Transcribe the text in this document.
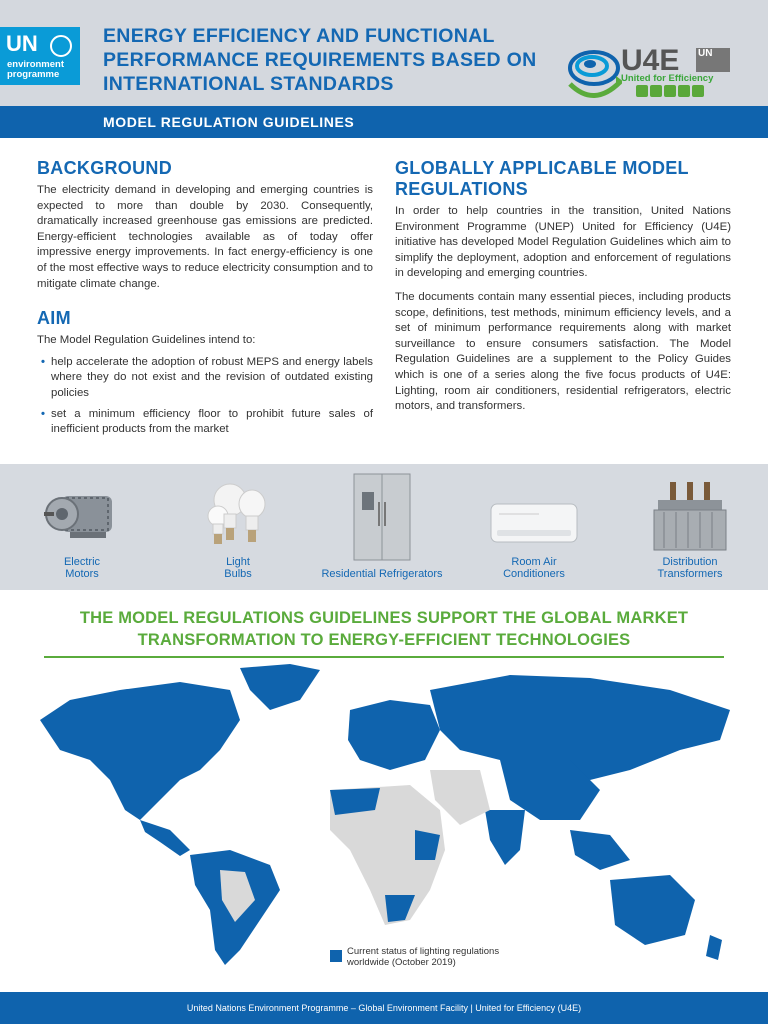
UN
environment
programme
ENERGY EFFICIENCY AND FUNCTIONAL PERFORMANCE REQUIREMENTS BASED ON INTERNATIONAL STANDARDS
U4E UN
United for Efficiency
MODEL REGULATION GUIDELINES
BACKGROUND
The electricity demand in developing and emerging countries is expected to more than double by 2030. Consequently, dramatically increased greenhouse gas emissions are predicted. Energy-efficient technologies available as of today offer impressive energy improvements. In fact energy-efficiency is one of the most effective ways to reduce electricity consumption and to mitigate climate change.
AIM
The Model Regulation Guidelines intend to:
• help accelerate the adoption of robust MEPS and energy labels where they do not exist and the revision of outdated existing policies
• set a minimum efficiency floor to prohibit future sales of inefficient products from the market
GLOBALLY APPLICABLE MODEL REGULATIONS
In order to help countries in the transition, United Nations Environment Programme (UNEP) United for Efficiency (U4E) initiative has developed Model Regulation Guidelines which aim to simplify the deployment, adoption and enforcement of regulations in developing and emerging countries.
The documents contain many essential pieces, including products scope, definitions, test methods, minimum efficiency levels, and a set of minimum performance requirements along with market surveillance to ensure consumers satisfaction. The Model Regulation Guidelines are a supplement to the Policy Guides which is one of a series along the five focus products of U4E: Lighting, room air conditioners, residential refrigerators, electric motors, and transformers.
Electric
Motors
Light
Bulbs	Residential Refrigerators
Room Air
Conditioners
Distribution
Transformers
THE MODEL REGULATIONS GUIDELINES SUPPORT THE GLOBAL MARKET
TRANSFORMATION TO ENERGY-EFFICIENT TECHNOLOGIES
Current status of lighting regulations
worldwide (October 2019)
United Nations Environment Programme – Global Environment Facility | United for Efficiency (U4E)
